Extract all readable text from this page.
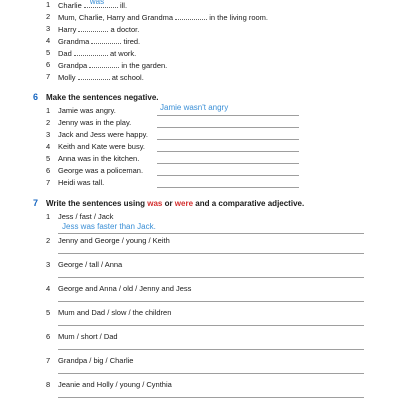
1	Charlie was ill.
2	Mum, Charlie, Harry and Grandma	in the living room.
3	Harry	a doctor.
4	Grandma	tired.
5	Dad	at work.
6	Grandpa	in the garden.
7	Molly	at school.
6 Make the sentences negative.
1	Jamie was angry.	Jamie wasn't angry
2	Jenny was in the play.
3	Jack and Jess were happy.
4	Keith and Kate were busy.
5	Anna was in the kitchen.
6	George was a policeman.
7	Heidi was tall.
7 Write the sentences using was or were and a comparative adjective.
1	Jess / fast / Jack
Jess was faster than Jack.
2	Jenny and George / young / Keith
3	George / tall / Anna
4	George and Anna / old / Jenny and Jess
5	Mum and Dad / slow / the children
6	Mum / short / Dad
7	Grandpa / big / Charlie
8	Jeanie and Holly / young / Cynthia
